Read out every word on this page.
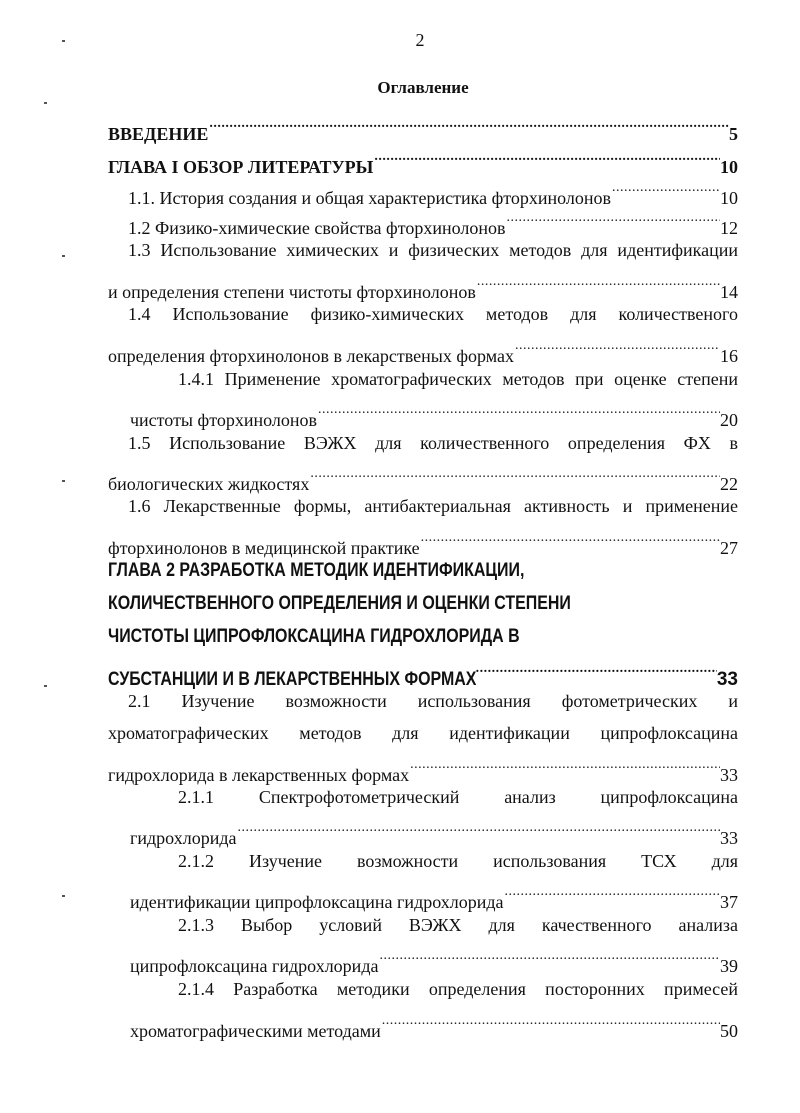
2
Оглавление
ВВЕДЕНИЕ .....	5
ГЛАВА I ОБЗОР ЛИТЕРАТУРЫ .....	10
1.1. История создания и общая характеристика фторхинолонов .....	10
1.2 Физико-химические свойства фторхинолонов .....	12
1.3 Использование химических и физических методов для идентификации
и определения степени чистоты фторхинолонов .....	14
1.4 Использование физико-химических методов для количественого
определения фторхинолонов в лекарственых формах .....	16
1.4.1 Применение хроматографических методов при оценке степени
чистоты фторхинолонов .....	20
1.5 Использование ВЭЖХ для количественного определения ФХ в
биологических жидкостях .....	22
1.6 Лекарственные формы, антибактериальная активность и применение
фторхинолонов в медицинской практике .....	27
ГЛАВА 2 РАЗРАБОТКА МЕТОДИК ИДЕНТИФИКАЦИИ,
КОЛИЧЕСТВЕННОГО ОПРЕДЕЛЕНИЯ И ОЦЕНКИ СТЕПЕНИ
ЧИСТОТЫ ЦИПРОФЛОКСАЦИНА ГИДРОХЛОРИДА В
СУБСТАНЦИИ И В ЛЕКАРСТВЕННЫХ ФОРМАХ .....	33
2.1 Изучение возможности использования фотометрических и
хроматографических методов для идентификации ципрофлоксацина
гидрохлорида в лекарственных формах .....	33
2.1.1 Спектрофотометрический анализ ципрофлоксацина
гидрохлорида .....	33
2.1.2 Изучение возможности использования ТСХ для
идентификации ципрофлоксацина гидрохлорида .....	37
2.1.3 Выбор условий ВЭЖХ для качественного анализа
ципрофлоксацина гидрохлорида .....	39
2.1.4 Разработка методики определения посторонних примесей
хроматографическими методами .....	50
